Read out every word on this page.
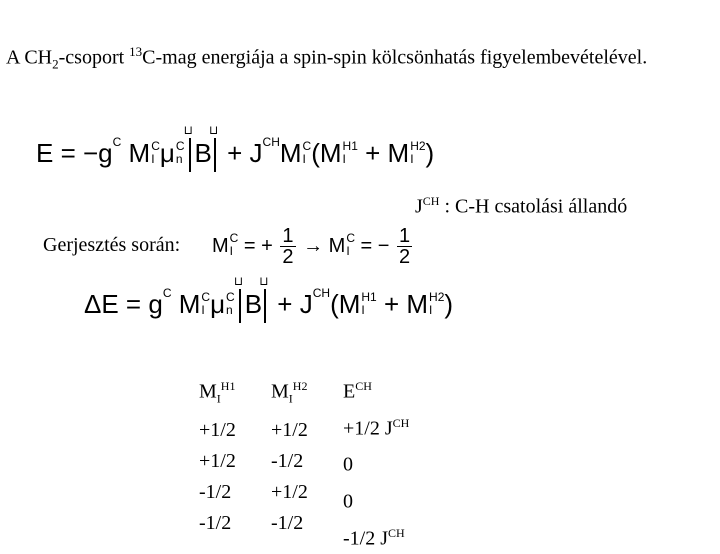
A $CH_2$-csoport $^{13}$C-mag energiája a spin-spin kölcsönhatás figyelembevételével.
$E = -g^C$ M C
I μ C
n ⊔ B ⊔ + $J^{CH}M$ C
I (M H1
I + M H2
I )
$J^{CH}$ : C-H csatolási állandó
Gerjesztés során: M C
I = + $\frac{1}{2} \to M$ C
I = − $\frac{1}{2}$
$\Delta E = g^C$ M C
I μ C
n ⊔ B ⊔ + $J^{CH}(M$ H1
I + M H2
I )
$M_I^{H1}$
+1/2
+1/2
-1/2
-1/2
$M_I^{H2}$
+1/2
-1/2
+1/2
-1/2
$E^{CH}$
+1/2 $J^{CH}$
0
0
-1/2 $J^{CH}$
